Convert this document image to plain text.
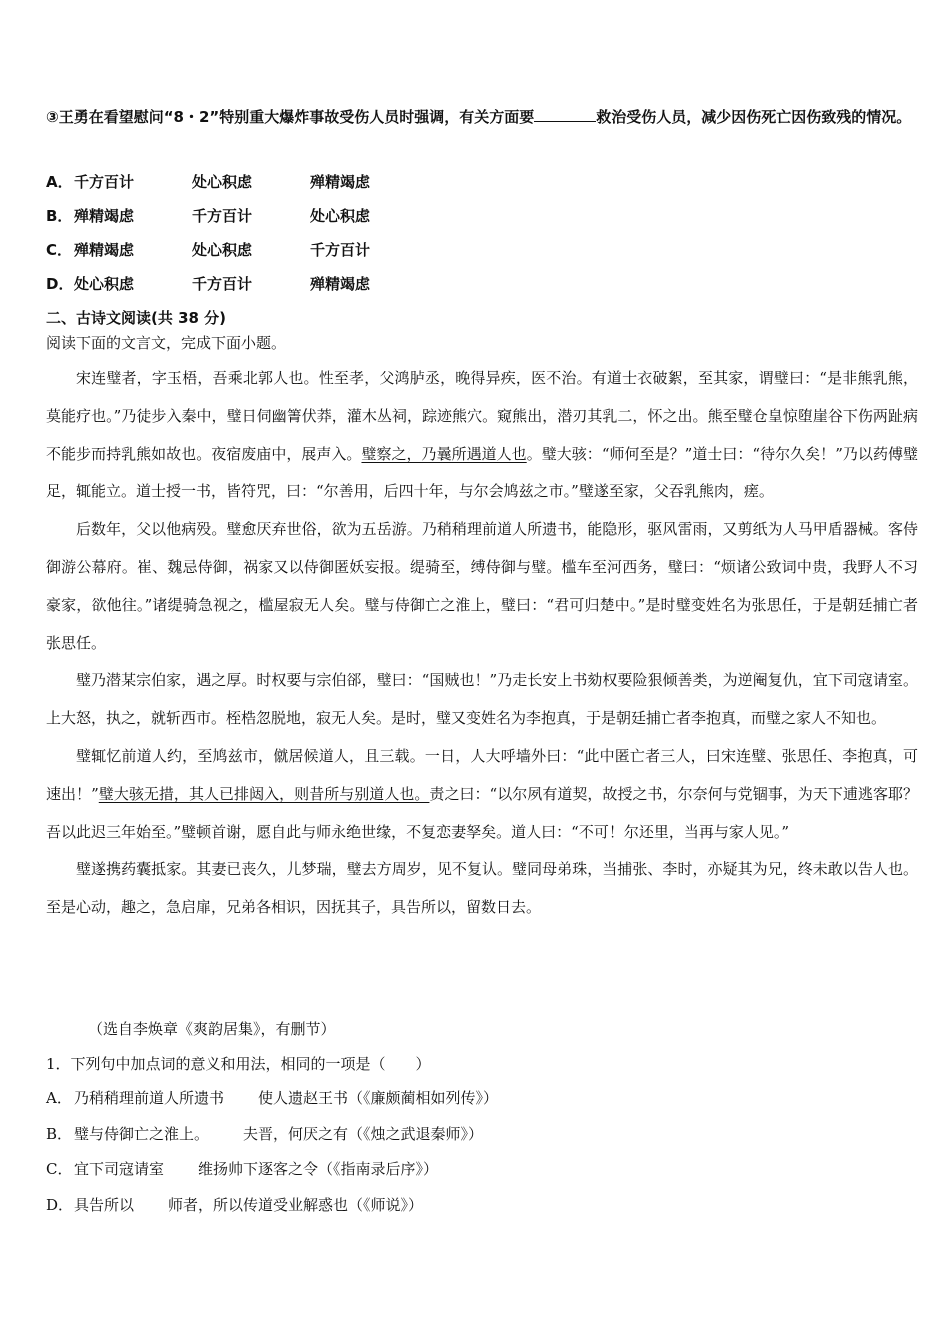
③王勇在看望慰问“8・2”特别重大爆炸事故受伤人员时强调，有关方面要	救治受伤人员，减少因伤死亡因伤致残的情况。
A．千方百计	处心积虑	殚精竭虑
B． 殚精竭虑	千方百计	处心积虑
C． 殚精竭虑	处心积虑	千方百计
D．处心积虑	千方百计	殚精竭虑
二、古诗文阅读(共 38 分)
阅读下面的文言文，完成下面小题。

宋连璧者，字玉梧，吾乘北郭人也。性至孝，父鸿胪丞，晚得异疾，医不治。有道士衣破絮，至其家，谓璧曰：“是非熊乳熊，莫能疗也。”乃徒步入秦中，璧日伺幽箐伏莽，灌木丛祠，踪迹熊穴。窥熊出，潜刃其乳二，怀之出。熊至璧仓皇惊堕崖谷下伤两趾病不能步而持乳熊如故也。夜宿废庙中，展声入。璧察之，乃曩所遇道人也。璧大骇：“师何至是？”道士曰：“待尔久矣！”乃以药傅璧足，辄能立。道士授一书，皆符咒，曰：“尔善用，后四十年，与尔会鸠兹之市。”璧遂至家，父吞乳熊肉，瘥。

后数年，父以他病殁。璧愈厌弃世俗，欲为五岳游。乃稍稍理前道人所遗书，能隐形，驱风雷雨，又剪纸为人马甲盾器械。客侍御游公幕府。崔、魏忌侍御，祸家又以侍御匿妖妄报。缇骑至，缚侍御与璧。槛车至河西务，璧曰：“烦诸公致词中贵，我野人不习豪家，欲他往。”诸缇骑急视之，槛屋寂无人矣。璧与侍御亡之淮上，璧曰：“君可归楚中。”是时璧变姓名为张思任，于是朝廷捕亡者张思任。

璧乃潜某宗伯家，遇之厚。时权要与宗伯郤，璧曰：“国贼也！”乃走长安上书劾权要险狠倾善类，为逆阉复仇，宜下司寇请室。上大怒，执之，就斩西市。桎梏忽脱地，寂无人矣。是时，璧又变姓名为李抱真，于是朝廷捕亡者李抱真，而璧之家人不知也。

璧辄忆前道人约，至鸠兹市，僦居候道人，且三载。一日，人大呼墙外曰：“此中匿亡者三人，曰宋连璧、张思任、李抱真，可速出！”璧大骇无措，其人已排闼入，则昔所与别道人也。责之曰：“以尔夙有道契，故授之书，尔奈何与党锢事，为天下逋逃客耶？吾以此迟三年始至。”璧顿首谢，愿自此与师永绝世缘，不复恋妻孥矣。道人曰：“不可！尔还里，当再与家人见。”

璧遂携药囊抵家。其妻已丧久，儿梦瑞，璧去方周岁，见不复认。璧同母弟珠，当捕张、李时，亦疑其为兄，终未敢以告人也。至是心动，趣之，急启扉，兄弟各相识，因抚其子，具告所以，留数日去。

（选自李焕章《爽韵居集》，有删节）
1．下列句中加点词的意义和用法，相同的一项是（　　）
A． 乃稍稍理前道人所遗书 使人遗赵王书（《廉颇蔺相如列传》）
B． 璧与侍御亡之淮上。 夫晋，何厌之有（《烛之武退秦师》）
C． 宜下司寇请室 维扬帅下逐客之令（《指南录后序》）
D．具告所以 师者，所以传道受业解惑也（《师说》）
